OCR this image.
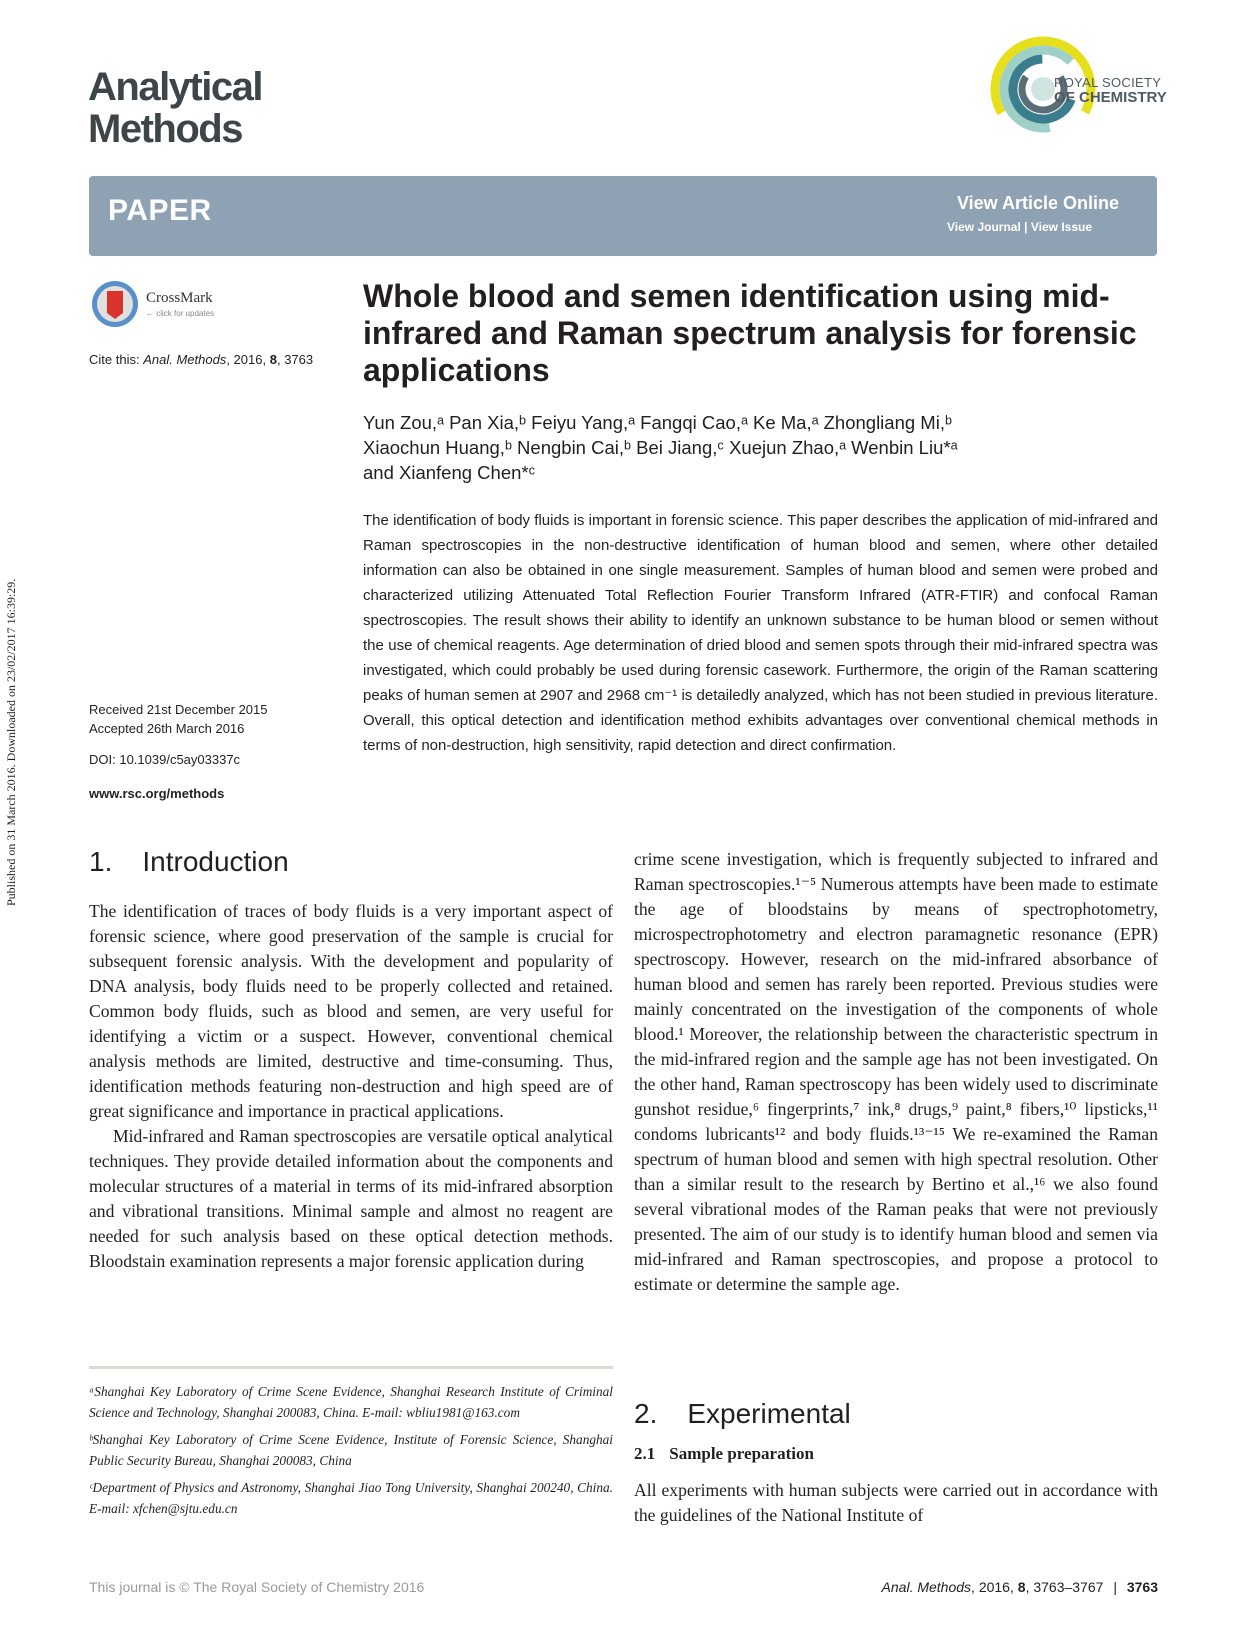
Published on 31 March 2016. Downloaded on 23/02/2017 16:39:29.
Analytical
Methods
ROYAL SOCIETY
OF CHEMISTRY
PAPER	View Article Online
View Journal | View Issue
CrossMark
← click for updates
Cite this: Anal. Methods, 2016, 8, 3763
Received 21st December 2015
Accepted 26th March 2016
DOI: 10.1039/c5ay03337c
www.rsc.org/methods
Whole blood and semen identification using mid-infrared and Raman spectrum analysis for forensic applications
Yun Zou,ᵃ Pan Xia,ᵇ Feiyu Yang,ᵃ Fangqi Cao,ᵃ Ke Ma,ᵃ Zhongliang Mi,ᵇ
Xiaochun Huang,ᵇ Nengbin Cai,ᵇ Bei Jiang,ᶜ Xuejun Zhao,ᵃ Wenbin Liu*ᵃ
and Xianfeng Chen*ᶜ
The identification of body fluids is important in forensic science. This paper describes the application of mid-infrared and Raman spectroscopies in the non-destructive identification of human blood and semen, where other detailed information can also be obtained in one single measurement. Samples of human blood and semen were probed and characterized utilizing Attenuated Total Reflection Fourier Transform Infrared (ATR-FTIR) and confocal Raman spectroscopies. The result shows their ability to identify an unknown substance to be human blood or semen without the use of chemical reagents. Age determination of dried blood and semen spots through their mid-infrared spectra was investigated, which could probably be used during forensic casework. Furthermore, the origin of the Raman scattering peaks of human semen at 2907 and 2968 cm⁻¹ is detailedly analyzed, which has not been studied in previous literature. Overall, this optical detection and identification method exhibits advantages over conventional chemical methods in terms of non-destruction, high sensitivity, rapid detection and direct confirmation.
1. Introduction

The identification of traces of body fluids is a very important aspect of forensic science, where good preservation of the sample is crucial for subsequent forensic analysis. With the development and popularity of DNA analysis, body fluids need to be properly collected and retained. Common body fluids, such as blood and semen, are very useful for identifying a victim or a suspect. However, conventional chemical analysis methods are limited, destructive and time-consuming. Thus, identification methods featuring non-destruction and high speed are of great significance and importance in practical applications.

Mid-infrared and Raman spectroscopies are versatile optical analytical techniques. They provide detailed information about the components and molecular structures of a material in terms of its mid-infrared absorption and vibrational transitions. Minimal sample and almost no reagent are needed for such analysis based on these optical detection methods. Bloodstain examination represents a major forensic application during

crime scene investigation, which is frequently subjected to infrared and Raman spectroscopies.¹⁻⁵ Numerous attempts have been made to estimate the age of bloodstains by means of spectrophotometry, microspectrophotometry and electron paramagnetic resonance (EPR) spectroscopy. However, research on the mid-infrared absorbance of human blood and semen has rarely been reported. Previous studies were mainly concentrated on the investigation of the components of whole blood.¹ Moreover, the relationship between the characteristic spectrum in the mid-infrared region and the sample age has not been investigated. On the other hand, Raman spectroscopy has been widely used to discriminate gunshot residue,⁶ fingerprints,⁷ ink,⁸ drugs,⁹ paint,⁸ fibers,¹⁰ lipsticks,¹¹ condoms lubricants¹² and body fluids.¹³⁻¹⁵ We re-examined the Raman spectrum of human blood and semen with high spectral resolution. Other than a similar result to the research by Bertino et al.,¹⁶ we also found several vibrational modes of the Raman peaks that were not previously presented. The aim of our study is to identify human blood and semen via mid-infrared and Raman spectroscopies, and propose a protocol to estimate or determine the sample age.

2. Experimental
2.1 Sample preparation

All experiments with human subjects were carried out in accordance with the guidelines of the National Institute of

ᵃShanghai Key Laboratory of Crime Scene Evidence, Shanghai Research Institute of Criminal Science and Technology, Shanghai 200083, China. E-mail: wbliu1981@163.com

ᵇShanghai Key Laboratory of Crime Scene Evidence, Institute of Forensic Science, Shanghai Public Security Bureau, Shanghai 200083, China

ᶜDepartment of Physics and Astronomy, Shanghai Jiao Tong University, Shanghai 200240, China. E-mail: xfchen@sjtu.edu.cn

This journal is © The Royal Society of Chemistry 2016	Anal. Methods, 2016, 8, 3763–3767 | 3763
